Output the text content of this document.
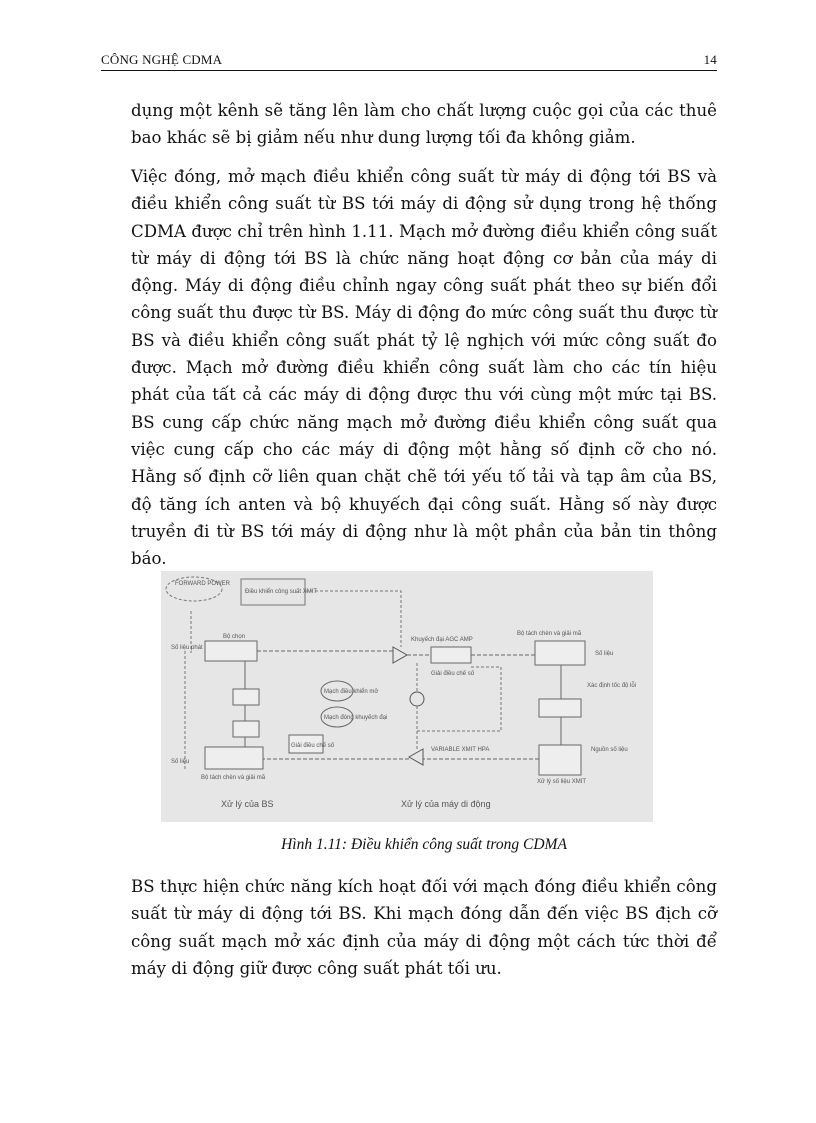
CÔNG NGHỆ CDMA	14

dụng một kênh sẽ tăng lên làm cho chất lượng cuộc gọi của các thuê bao khác sẽ bị giảm nếu như dung lượng tối đa không giảm.

Việc đóng, mở mạch điều khiển công suất từ máy di động tới BS và điều khiển công suất từ BS tới máy di động sử dụng trong hệ thống CDMA được chỉ trên hình 1.11. Mạch mở đường điều khiển công suất từ máy di động tới BS là chức năng hoạt động cơ bản của máy di động. Máy di động điều chỉnh ngay công suất phát theo sự biến đổi công suất thu được từ BS. Máy di động đo mức công suất thu được từ BS và điều khiển công suất phát tỷ lệ nghịch với mức công suất đo được. Mạch mở đường điều khiển công suất làm cho các tín hiệu phát của tất cả các máy di động được thu với cùng một mức tại BS. BS cung cấp chức năng mạch mở đường điều khiển công suất qua việc cung cấp cho các máy di động một hằng số định cỡ cho nó. Hằng số định cỡ liên quan chặt chẽ tới yếu tố tải và tạp âm của BS, độ tăng ích anten và bộ khuyếch đại công suất. Hằng số này được truyền đi từ BS tới máy di động như là một phần của bản tin thông báo.

FORWARD POWER
Điều khiển công suất XMIT
Bộ chọn
Số liệu phát
Khuyếch đại AGC AMP
Giải điều chế số
Bộ tách chèn và giải mã
Số liệu
Xác định tốc độ lỗi
Xử lý số liệu XMIT
Nguồn số liệu
Bộ tách chèn và giải mã
Số liệu
Mạch điều khiển mở
Mạch đóng khuyếch đại
Giải điều chế số
VARIABLE XMIT HPA
Xử lý của BS	Xử lý của máy di động
Hình 1.11: Điều khiển công suất trong CDMA

BS thực hiện chức năng kích hoạt đối với mạch đóng điều khiển công suất từ máy di động tới BS. Khi mạch đóng dẫn đến việc BS địch cỡ công suất mạch mở xác định của máy di động một cách tức thời để máy di động giữ được công suất phát tối ưu.
